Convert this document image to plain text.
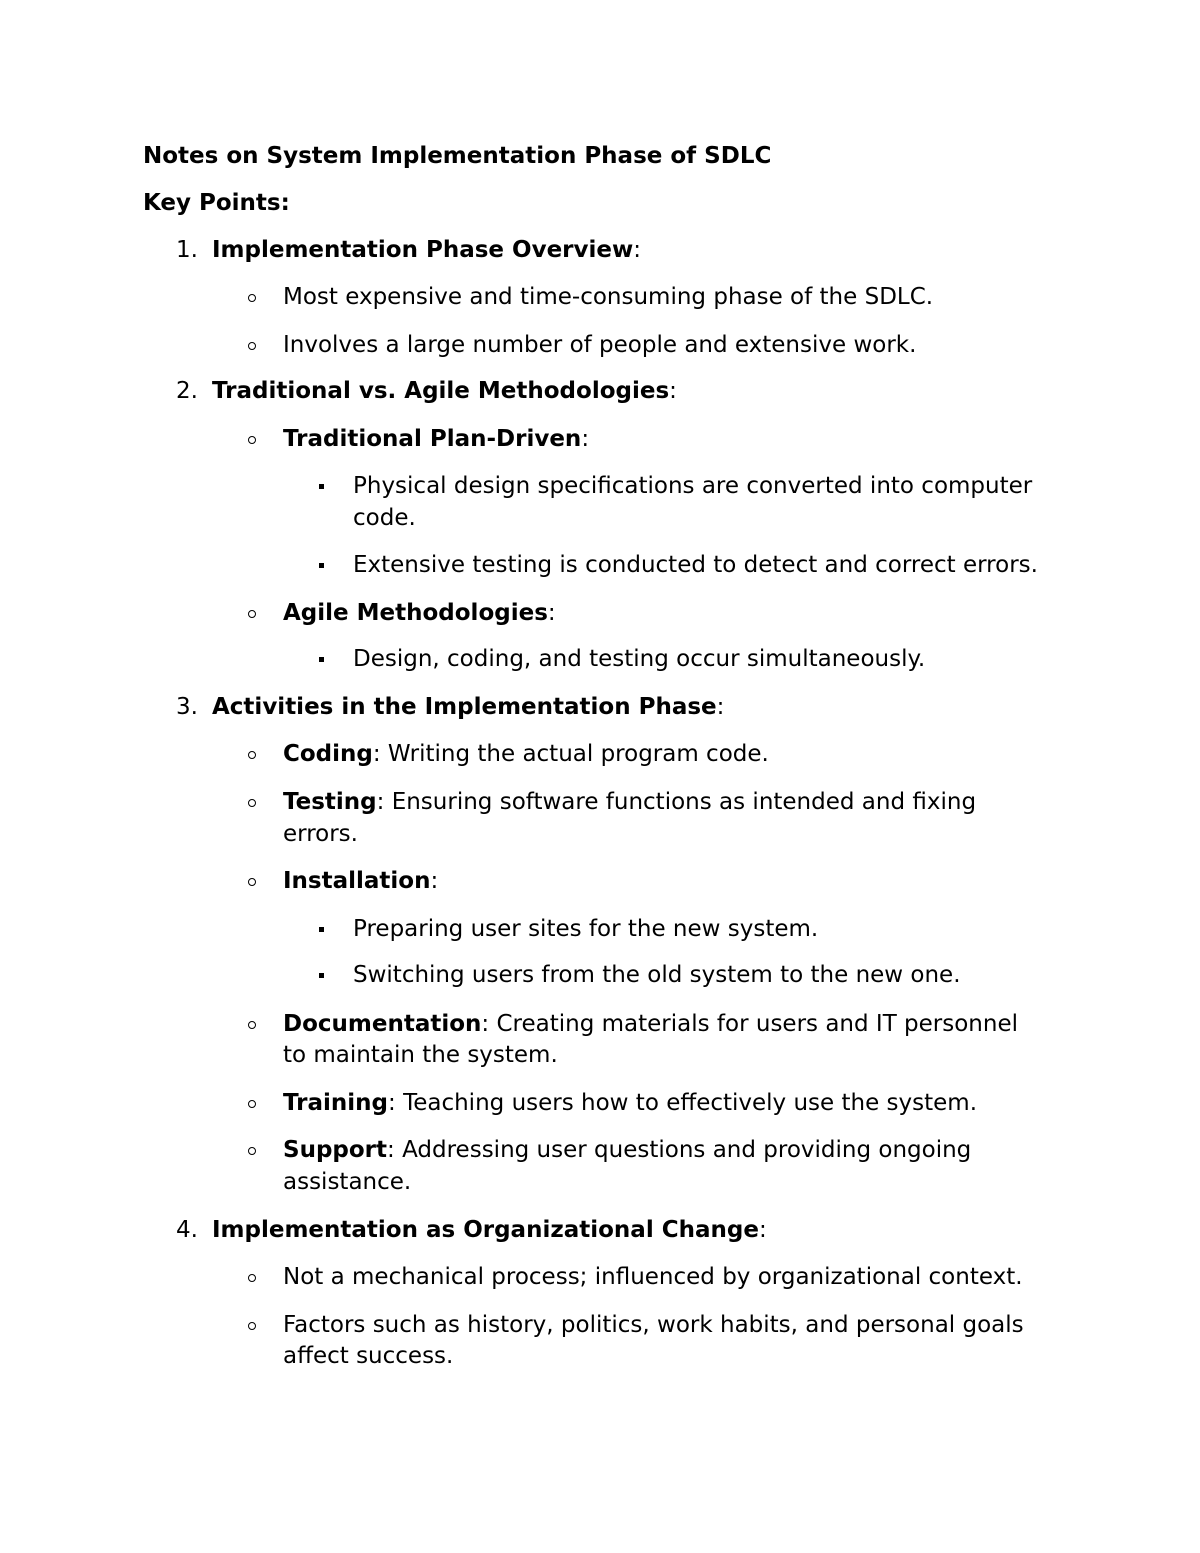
Notes on System Implementation Phase of SDLC
Key Points:
1. Implementation Phase Overview:
Most expensive and time-consuming phase of the SDLC.
Involves a large number of people and extensive work.
2. Traditional vs. Agile Methodologies:
Traditional Plan-Driven:
Physical design specifications are converted into computer
code.
Extensive testing is conducted to detect and correct errors.
Agile Methodologies:
Design, coding, and testing occur simultaneously.
3. Activities in the Implementation Phase:
Coding: Writing the actual program code.
Testing: Ensuring software functions as intended and fixing
errors.
Installation:
Preparing user sites for the new system.
Switching users from the old system to the new one.
Documentation: Creating materials for users and IT personnel
to maintain the system.
Training: Teaching users how to effectively use the system.
Support: Addressing user questions and providing ongoing
assistance.
4. Implementation as Organizational Change:
Not a mechanical process; influenced by organizational context.
Factors such as history, politics, work habits, and personal goals
affect success.
